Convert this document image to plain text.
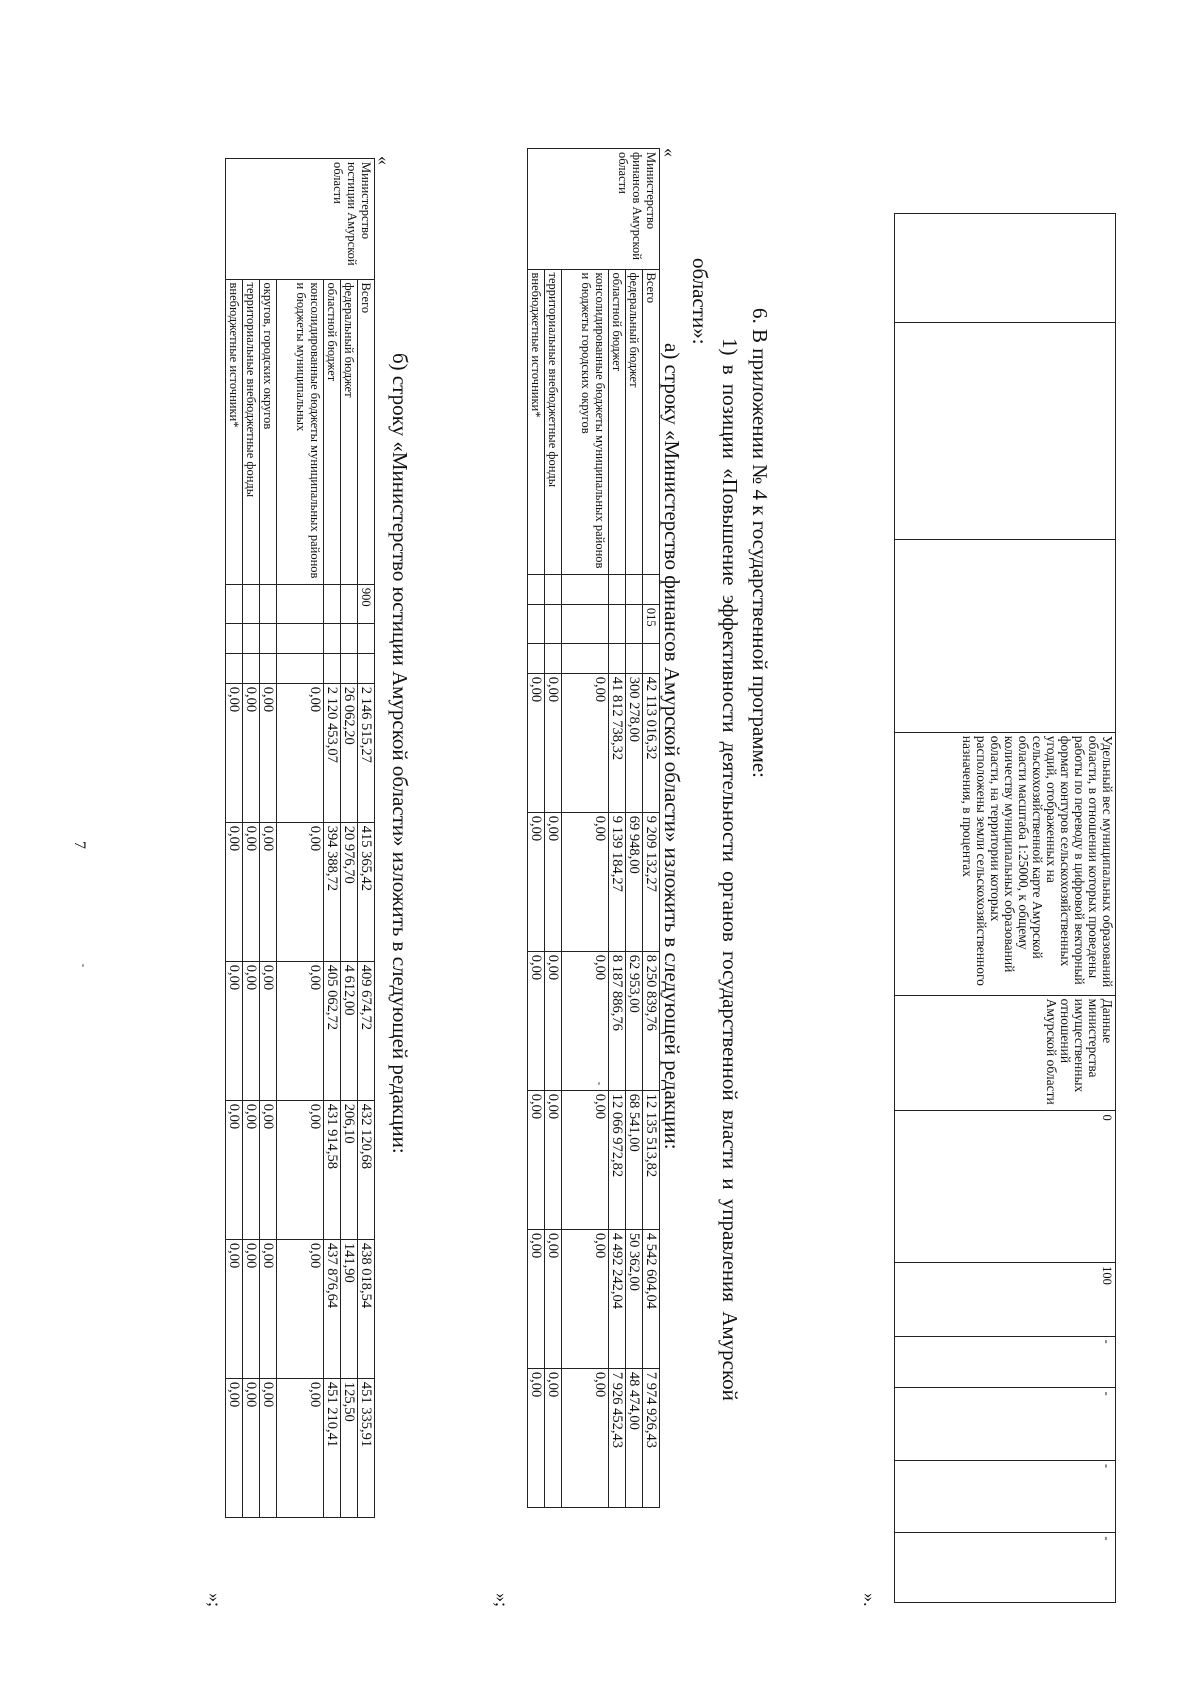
7
				Удельный вес муниципальных образований области, в отношении которых проведены работы по переводу в цифровой векторный формат контуров сельскохозяйственных угодий, отображенных на сельскохозяйственной карте Амурской области масштаба 1:25000, к общему количеству муниципальных образований области, на территории которых расположены земли сельскохозяйственного назначения, в процентах	Данные министерства имущественных отношений Амурской области	0	100	-	-	-	-
».
6. В приложении № 4 к государственной программе:
1) в позиции «Повышение эффективности деятельности органов государственной власти и управления Амурской
области»:
а) строку «Министерство финансов Амурской области» изложить в следующей редакции:
«
Министерство финансов Амурской области	Всего		015		42 113 016,32	9 209 132,27	8 250 839,76	12 135 513,82	4 542 604,04	7 974 926,43
	федеральный бюджет				300 278,00	69 948,00	62 953,00	68 541,00	50 362,00	48 474,00
	областной бюджет				41 812 738,32	9 139 184,27	8 187 886,76	12 066 972,82	4 492 242,04	7 926 452,43
	консолидированные бюджеты муниципальных районов и бюджеты городских округов				0,00	0,00	0,00	0,00	0,00	0,00
	территориальные внебюджетные фонды				0,00	0,00	0,00	0,00	0,00	0,00
	внебюджетные источники*				0,00	0,00	0,00	0,00	0,00	0,00
»;
б) строку «Министерство юстиции Амурской области» изложить в следующей редакции:
«
Министерство юстиции Амурской области	Всего	900			2 146 515,27	415 365,42	409 674,72	432 120,68	438 018,54	451 335,91
	федеральный бюджет				26 062,20	20 976,70	4 612,00	206,10	141,90	125,50
	областной бюджет				2 120 453,07	394 388,72	405 062,72	431 914,58	437 876,64	451 210,41
	консолидированные бюджеты муниципальных районов и бюджеты муниципальных				0,00	0,00	0,00	0,00	0,00	0,00
	округов, городских округов				0,00	0,00	0,00	0,00	0,00	0,00
	территориальные внебюджетные фонды				0,00	0,00	0,00	0,00	0,00	0,00
	внебюджетные источники*				0,00	0,00	0,00	0,00	0,00	0,00
»;
